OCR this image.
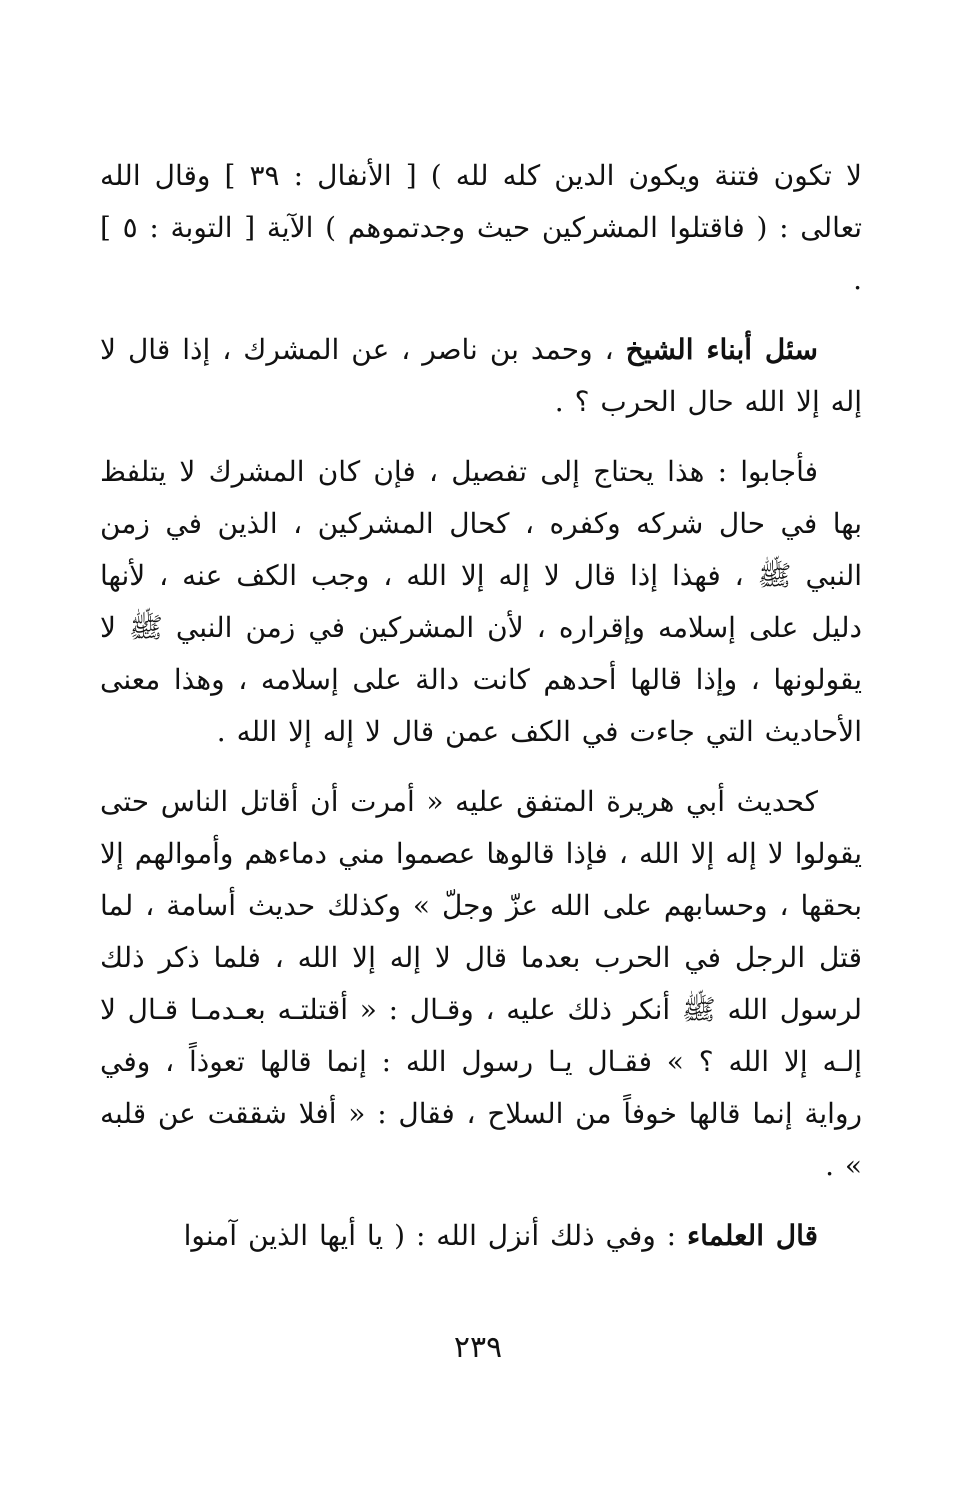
لا تكون فتنة ويكون الدين كله لله ) [ الأنفال : ٣٩ ] وقال الله تعالى : ( فاقتلوا المشركين حيث وجدتموهم ) الآية [ التوبة : ٥ ] .

سئل أبناء الشيخ ، وحمد بن ناصر ، عن المشرك ، إذا قال لا إله إلا الله حال الحرب ؟ .

فأجابوا : هذا يحتاج إلى تفصيل ، فإن كان المشرك لا يتلفظ بها في حال شركه وكفره ، كحال المشركين ، الذين في زمن النبي ﷺ ، فهذا إذا قال لا إله إلا الله ، وجب الكف عنه ، لأنها دليل على إسلامه وإقراره ، لأن المشركين في زمن النبي ﷺ لا يقولونها ، وإذا قالها أحدهم كانت دالة على إسلامه ، وهذا معنى الأحاديث التي جاءت في الكف عمن قال لا إله إلا الله .

كحديث أبي هريرة المتفق عليه « أمرت أن أقاتل الناس حتى يقولوا لا إله إلا الله ، فإذا قالوها عصموا مني دماءهم وأموالهم إلا بحقها ، وحسابهم على الله عزّ وجلّ » وكذلك حديث أسامة ، لما قتل الرجل في الحرب بعدما قال لا إله إلا الله ، فلما ذكر ذلك لرسول الله ﷺ أنكر ذلك عليه ، وقـال : « أقتلتـه بعـدمـا قـال لا إلـه إلا الله ؟ » فقـال يـا رسول الله : إنما قالها تعوذاً ، وفي رواية إنما قالها خوفاً من السلاح ، فقال : « أفلا شققت عن قلبه » .

قال العلماء : وفي ذلك أنزل الله : ( يا أيها الذين آمنوا

٢٣٩
